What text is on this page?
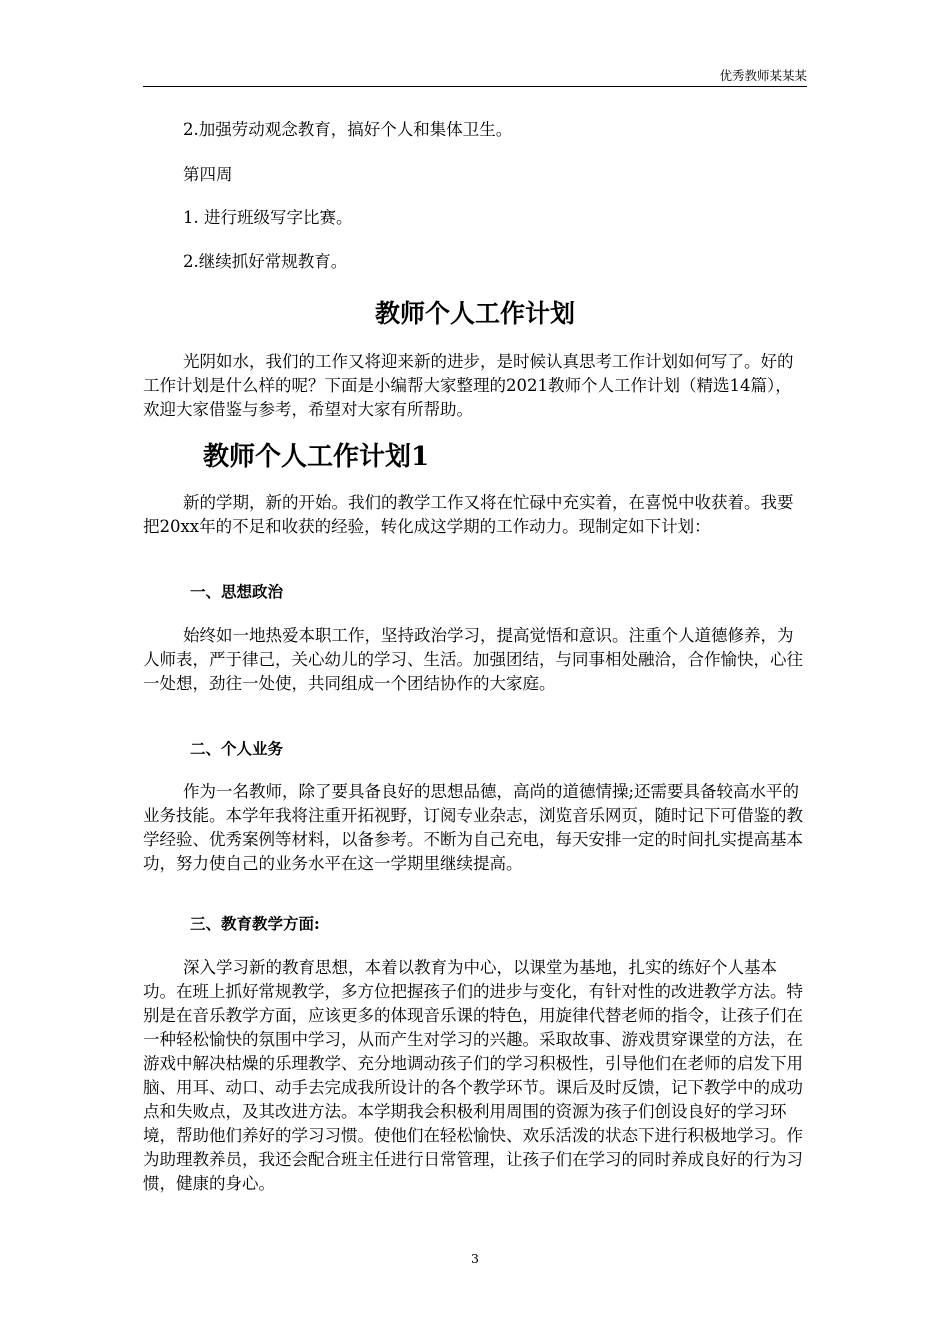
优秀教师某某某

2.加强劳动观念教育，搞好个人和集体卫生。

第四周

1. 进行班级写字比赛。

2.继续抓好常规教育。

教师个人工作计划

光阴如水，我们的工作又将迎来新的进步，是时候认真思考工作计划如何写了。好的工作计划是什么样的呢？下面是小编帮大家整理的2021教师个人工作计划（精选14篇），欢迎大家借鉴与参考，希望对大家有所帮助。

教师个人工作计划1

新的学期，新的开始。我们的教学工作又将在忙碌中充实着，在喜悦中收获着。我要把20xx年的不足和收获的经验，转化成这学期的工作动力。现制定如下计划：

一、思想政治

始终如一地热爱本职工作，坚持政治学习，提高觉悟和意识。注重个人道德修养，为人师表，严于律己，关心幼儿的学习、生活。加强团结，与同事相处融洽，合作愉快，心往一处想，劲往一处使，共同组成一个团结协作的大家庭。

二、个人业务

作为一名教师，除了要具备良好的思想品德，高尚的道德情操;还需要具备较高水平的业务技能。本学年我将注重开拓视野，订阅专业杂志，浏览音乐网页，随时记下可借鉴的教学经验、优秀案例等材料，以备参考。不断为自己充电，每天安排一定的时间扎实提高基本功，努力使自己的业务水平在这一学期里继续提高。

三、教育教学方面:

深入学习新的教育思想，本着以教育为中心，以课堂为基地，扎实的练好个人基本功。在班上抓好常规教学，多方位把握孩子们的进步与变化，有针对性的改进教学方法。特别是在音乐教学方面，应该更多的体现音乐课的特色，用旋律代替老师的指令，让孩子们在一种轻松愉快的氛围中学习，从而产生对学习的兴趣。采取故事、游戏贯穿课堂的方法，在游戏中解决枯燥的乐理教学、充分地调动孩子们的学习积极性，引导他们在老师的启发下用脑、用耳、动口、动手去完成我所设计的各个教学环节。课后及时反馈，记下教学中的成功点和失败点，及其改进方法。本学期我会积极利用周围的资源为孩子们创设良好的学习环境，帮助他们养好的学习习惯。使他们在轻松愉快、欢乐活泼的状态下进行积极地学习。作为助理教养员，我还会配合班主任进行日常管理，让孩子们在学习的同时养成良好的行为习惯，健康的身心。

3
